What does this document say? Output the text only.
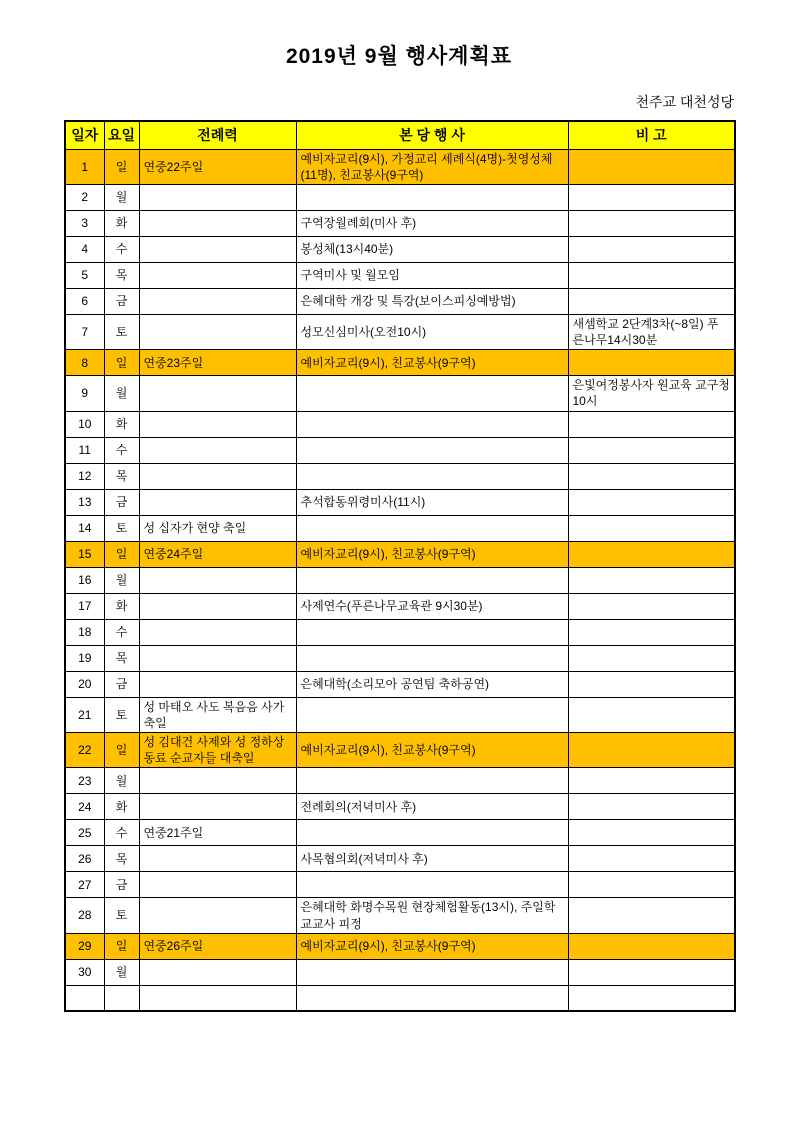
2019년 9월 행사계획표
천주교 대천성당
일자	요일	전례력	본 당 행 사	비 고
1	일	연중22주일	예비자교리(9시), 가정교리 세례식(4명)-첫영성체(11명), 친교봉사(9구역)	
2	월			
3	화		구역장월례회(미사 후)	
4	수		봉성체(13시40분)	
5	목		구역미사 및 월모임	
6	금		은혜대학 개강 및 특강(보이스피싱예방법)	
7	토		성모신심미사(오전10시)	새셈학교 2단계3차(~8일) 푸른나무14시30분
8	일	연중23주일	예비자교리(9시), 친교봉사(9구역)	
9	월			은빛여정봉사자 원교육 교구청 10시
10	화			
11	수			
12	목			
13	금		추석합동위령미사(11시)	
14	토	성 십자가 현양 축일		
15	일	연중24주일	예비자교리(9시), 친교봉사(9구역)	
16	월			
17	화		사제연수(푸른나무교육관 9시30분)	
18	수			
19	목			
20	금		은혜대학(소리모아 공연팀 축하공연)	
21	토	성 마태오 사도 복음음 사가 축일		
22	일	성 김대건 사제와 성 정하상 동료 순교자들 대축일	예비자교리(9시), 친교봉사(9구역)	
23	월			
24	화		전례회의(저녁미사 후)	
25	수	연중21주일		
26	목		사목협의회(저녁미사 후)	
27	금			
28	토		은혜대학 화명수목원 현장체험활동(13시), 주일학교교사 피정	
29	일	연중26주일	예비자교리(9시), 친교봉사(9구역)	
30	월			
